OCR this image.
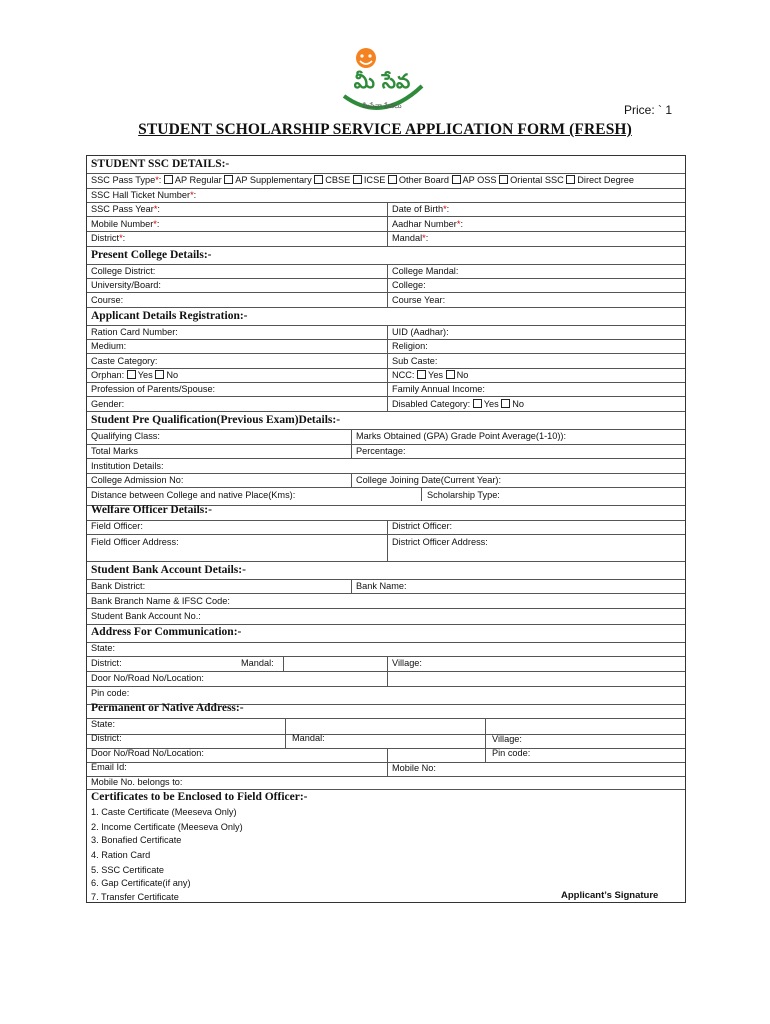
మీ సేవ
మీసేవా సేవలు	Price: ` 1
STUDENT SCHOLARSHIP SERVICE APPLICATION FORM (FRESH)
STUDENT SSC DETAILS:-
SSC Pass Type*: AP Regular AP Supplementary CBSE ICSE Other Board AP OSS Oriental SSC Direct Degree
SSC Hall Ticket Number*:
SSC Pass Year*:	Date of Birth*:
Mobile Number*:	Aadhar Number*:
District*:	Mandal*:
Present College Details:-
College District:	College Mandal:
University/Board:	College:
Course:	Course Year:
Applicant Details Registration:-
Ration Card Number:	UID (Aadhar):
Medium:	Religion:
Caste Category:	Sub Caste:
Orphan: Yes No	NCC: Yes No
Profession of Parents/Spouse:	Family Annual Income:
Gender:	Disabled Category: Yes No
Student Pre Qualification(Previous Exam)Details:-
Qualifying Class:	Marks Obtained (GPA) Grade Point Average(1-10)):
Total Marks	Percentage:
Institution Details:
College Admission No:	College Joining Date(Current Year):
Distance between College and native Place(Kms):	Scholarship Type:
Welfare Officer Details:-
Field Officer:	District Officer:
Field Officer Address:	District Officer Address:
Student Bank Account Details:-
Bank District:	Bank Name:
Bank Branch Name & IFSC Code:
Student Bank Account No.:
Address For Communication:-
State:
District:	Mandal:	Village:
Door No/Road No/Location:
Pin code:
Permanent or Native Address:-
State:
District:	Mandal:	Village:
Door No/Road No/Location:	Pin code:
Email Id:	Mobile No:
Mobile No. belongs to:
Certificates to be Enclosed to Field Officer:-
1. Caste Certificate (Meeseva Only)
2. Income Certificate (Meeseva Only)
3. Bonafied Certificate
4. Ration Card
5. SSC Certificate
6. Gap Certificate(if any)
7. Transfer Certificate	Applicant’s Signature
